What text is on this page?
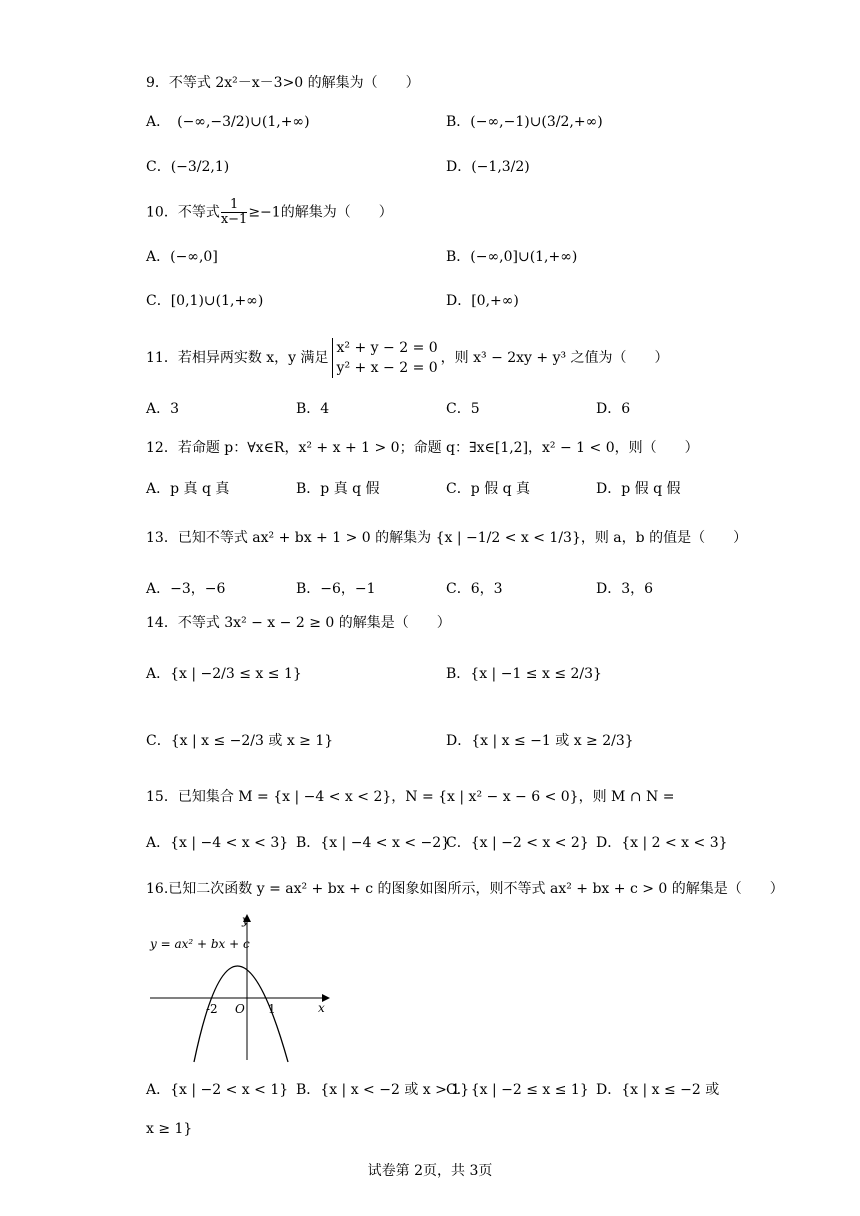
9．不等式 2x²－x－3>0 的解集为（　　）
A．　(−∞,−3/2)∪(1,+∞)	B．(−∞,−1)∪(3/2,+∞)
C．(−3/2,1)	D．(−1,3/2)
10．不等式 $\frac{1}{x-1} \ge-1$的解集为（　　）
A．(−∞,0]	B．(−∞,0]∪(1,+∞)
C．[0,1)∪(1,+∞)	D．[0,+∞)
11．若相异两实数 x，y 满足
x² + y − 2 = 0
y² + x − 2 = 0
，则 x³ − 2xy + y³ 之值为（　　）
A．3	B．4	C．5	D．6
12．若命题 p：∀x∈R，x² + x + 1 > 0；命题 q：∃x∈[1,2]，x² − 1 < 0，则（　　）
A．p 真 q 真	B．p 真 q 假	C．p 假 q 真	D．p 假 q 假
13．已知不等式 ax² + bx + 1 > 0 的解集为 {x | −1/2 < x < 1/3}，则 a，b 的值是（　　）
A．−3，−6	B．−6，−1	C．6，3	D．3，6
14．不等式 3x² − x − 2 ≥ 0 的解集是（　　）
A．{x | −2/3 ≤ x ≤ 1}	B．{x | −1 ≤ x ≤ 2/3}
C．{x | x ≤ −2/3 或 x ≥ 1}	D．{x | x ≤ −1 或 x ≥ 2/3}
15．已知集合 M = {x | −4 < x < 2}，N = {x | x² − x − 6 < 0}，则 M ∩ N =
A．{x | −4 < x < 3} B．{x | −4 < x < −2}
C．{x | −2 < x < 2} D．{x | 2 < x < 3}
16.已知二次函数 y = ax² + bx + c 的图象如图所示，则不等式 ax² + bx + c > 0 的解集是（　　）
y = ax² + bx + c
y
x
O
-2	1
A．{x | −2 < x < 1} B．{x | x < −2 或 x > 1}
C．{x | −2 ≤ x ≤ 1} D．{x | x ≤ −2 或
x ≥ 1}
试卷第 2页，共 3页
